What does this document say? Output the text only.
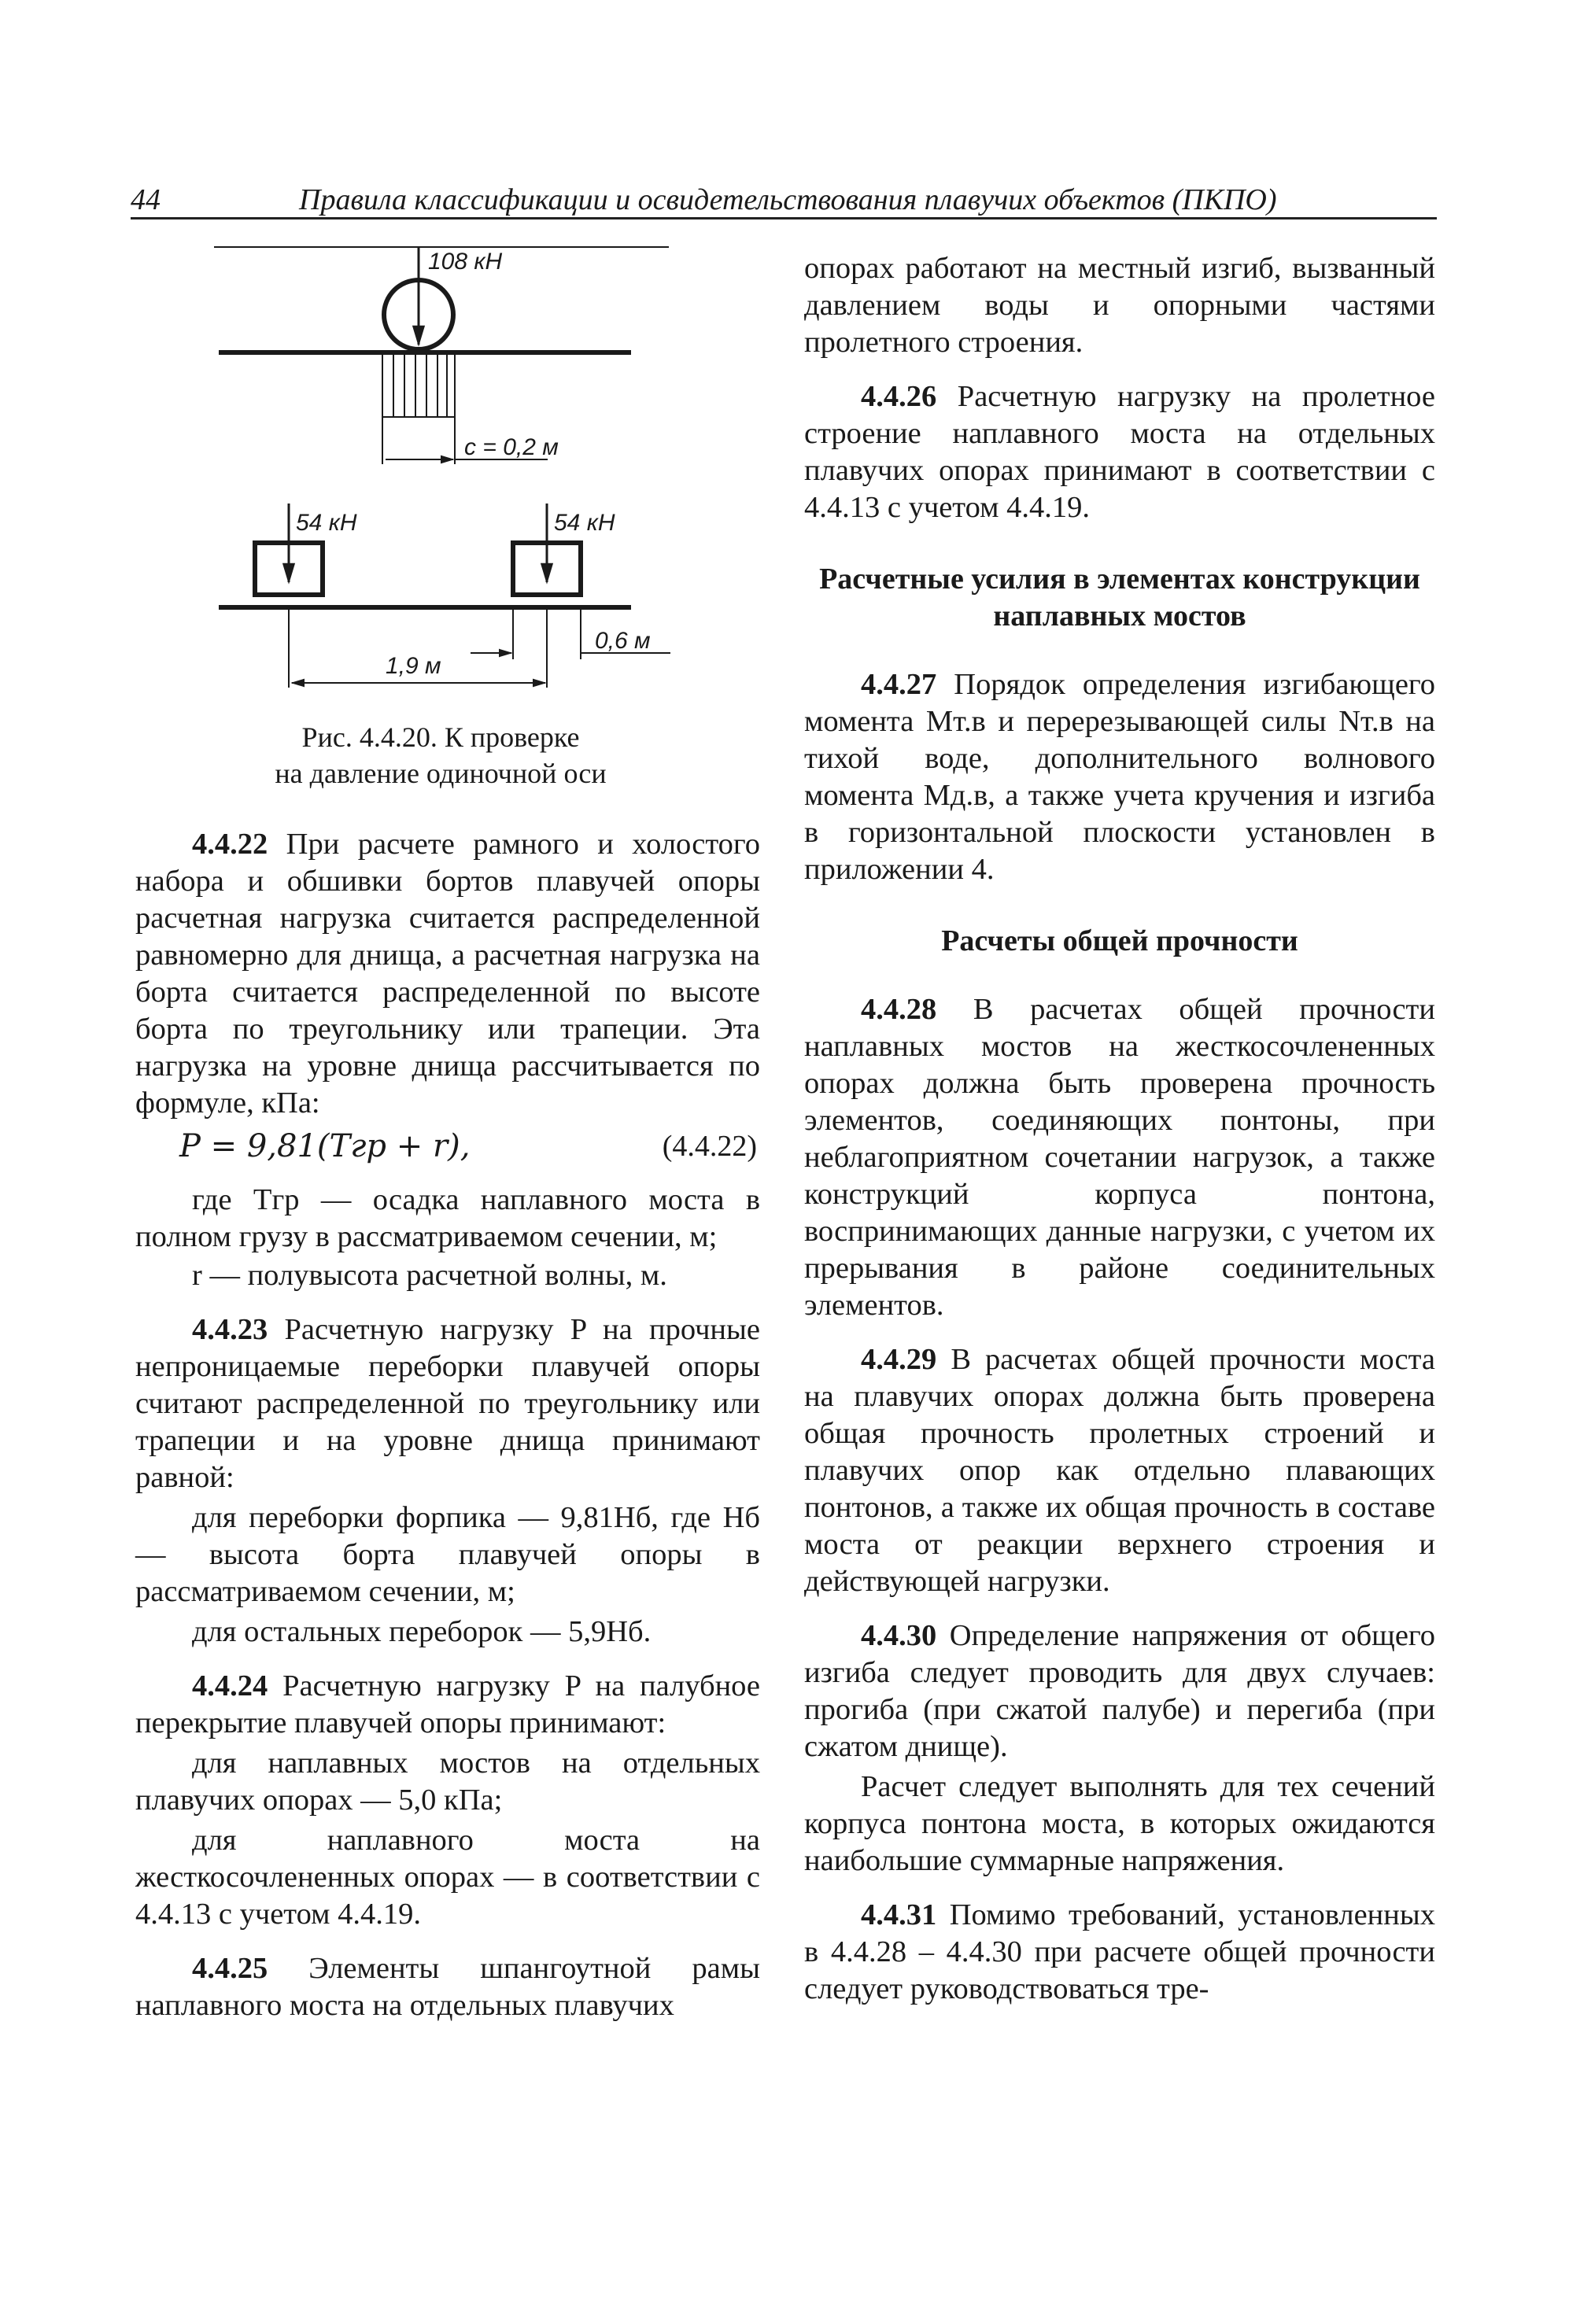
44	Правила классификации и освидетельствования плавучих объектов (ПКПО)
108 кН
c = 0,2 м
54 кН	54 кН
1,9 м
0,6 м
Рис. 4.4.20. К проверке
на давление одиночной оси

4.4.22 При расчете рамного и холостого набора и обшивки бортов плавучей опоры расчетная нагрузка считается распределенной равномерно для днища, а расчетная нагрузка на борта считается распределенной по высоте борта по треугольнику или трапеции. Эта нагрузка на уровне днища рассчитывается по формуле, кПа:

P = 9,81(Tгр + r),	(4.4.22)

где Tгр — осадка наплавного моста в полном грузу в рассматриваемом сечении, м;

r — полувысота расчетной волны, м.

4.4.23 Расчетную нагрузку P на прочные непроницаемые переборки плавучей опоры считают распределенной по треугольнику или трапеции и на уровне днища принимают равной:

для переборки форпика — 9,81Hб, где Hб — высота борта плавучей опоры в рассматриваемом сечении, м;

для остальных переборок — 5,9Hб.

4.4.24 Расчетную нагрузку P на палубное перекрытие плавучей опоры принимают:

для наплавных мостов на отдельных плавучих опорах — 5,0 кПа;

для наплавного моста на жесткосочлененных опорах — в соответствии с 4.4.13 с учетом 4.4.19.

4.4.25 Элементы шпангоутной рамы наплавного моста на отдельных плавучих

опорах работают на местный изгиб, вызванный давлением воды и опорными частями пролетного строения.

4.4.26 Расчетную нагрузку на пролетное строение наплавного моста на отдельных плавучих опорах принимают в соответствии с 4.4.13 с учетом 4.4.19.

Расчетные усилия в элементах конструкции наплавных мостов

4.4.27 Порядок определения изгибающего момента Mт.в и перерезывающей силы Nт.в на тихой воде, дополнительного волнового момента Mд.в, а также учета кручения и изгиба в горизонтальной плоскости установлен в приложении 4.

Расчеты общей прочности

4.4.28 В расчетах общей прочности наплавных мостов на жесткосочлененных опорах должна быть проверена прочность элементов, соединяющих понтоны, при неблагоприятном сочетании нагрузок, а также конструкций корпуса понтона, воспринимающих данные нагрузки, с учетом их прерывания в районе соединительных элементов.

4.4.29 В расчетах общей прочности моста на плавучих опорах должна быть проверена общая прочность пролетных строений и плавучих опор как отдельно плавающих понтонов, а также их общая прочность в составе моста от реакции верхнего строения и действующей нагрузки.

4.4.30 Определение напряжения от общего изгиба следует проводить для двух случаев: прогиба (при сжатой палубе) и перегиба (при сжатом днище).

Расчет следует выполнять для тех сечений корпуса понтона моста, в которых ожидаются наибольшие суммарные напряжения.

4.4.31 Помимо требований, установленных в 4.4.28 – 4.4.30 при расчете общей прочности следует руководствоваться тре-
